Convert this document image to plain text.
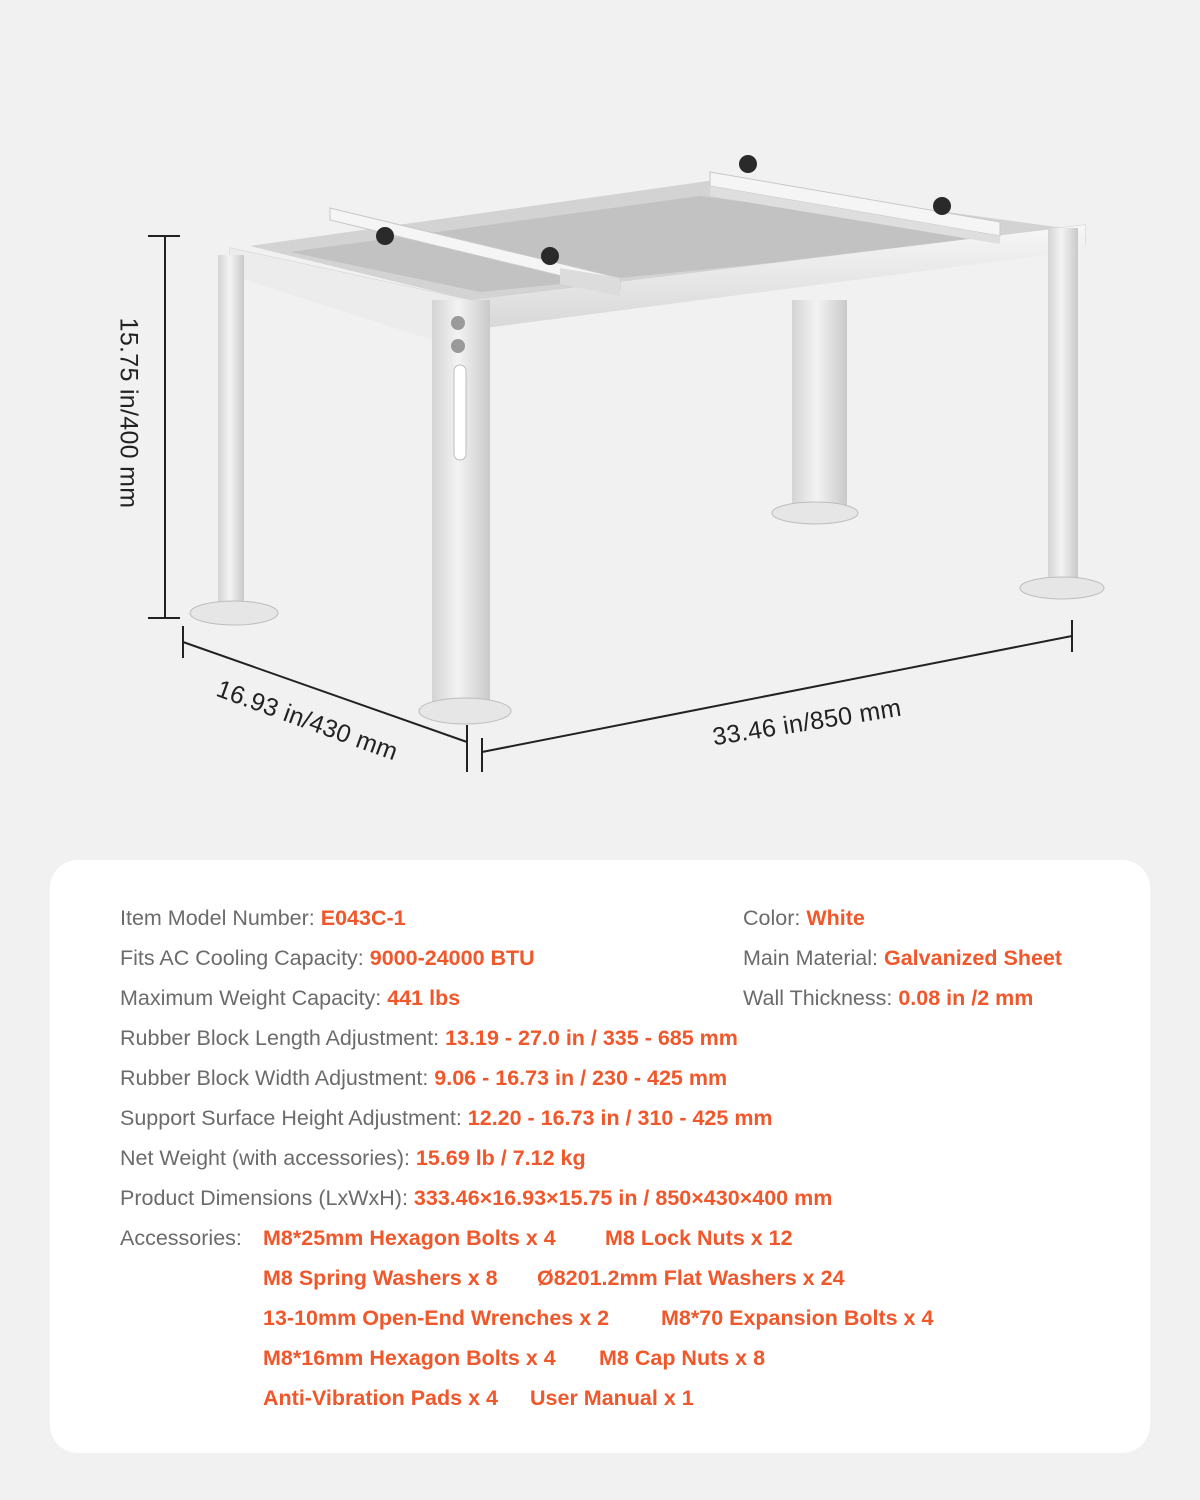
15.75 in/400 mm
16.93 in/430 mm	33.46 in/850 mm
Item Model Number: E043C-1
Fits AC Cooling Capacity: 9000-24000 BTU
Maximum Weight Capacity: 441 lbs
Rubber Block Length Adjustment: 13.19 - 27.0 in / 335 - 685 mm
Rubber Block Width Adjustment: 9.06 - 16.73 in / 230 - 425 mm
Support Surface Height Adjustment: 12.20 - 16.73 in / 310 - 425 mm
Net Weight (with accessories): 15.69 lb / 7.12 kg
Product Dimensions (LxWxH): 333.46×16.93×15.75 in / 850×430×400 mm
Color: White
Main Material: Galvanized Sheet
Wall Thickness: 0.08 in /2 mm
Accessories: M8*25mm Hexagon Bolts x 4 M8 Lock Nuts x 12
M8 Spring Washers x 8 Ø8201.2mm Flat Washers x 24
13-10mm Open-End Wrenches x 2 M8*70 Expansion Bolts x 4
M8*16mm Hexagon Bolts x 4 M8 Cap Nuts x 8
Anti-Vibration Pads x 4 User Manual x 1
